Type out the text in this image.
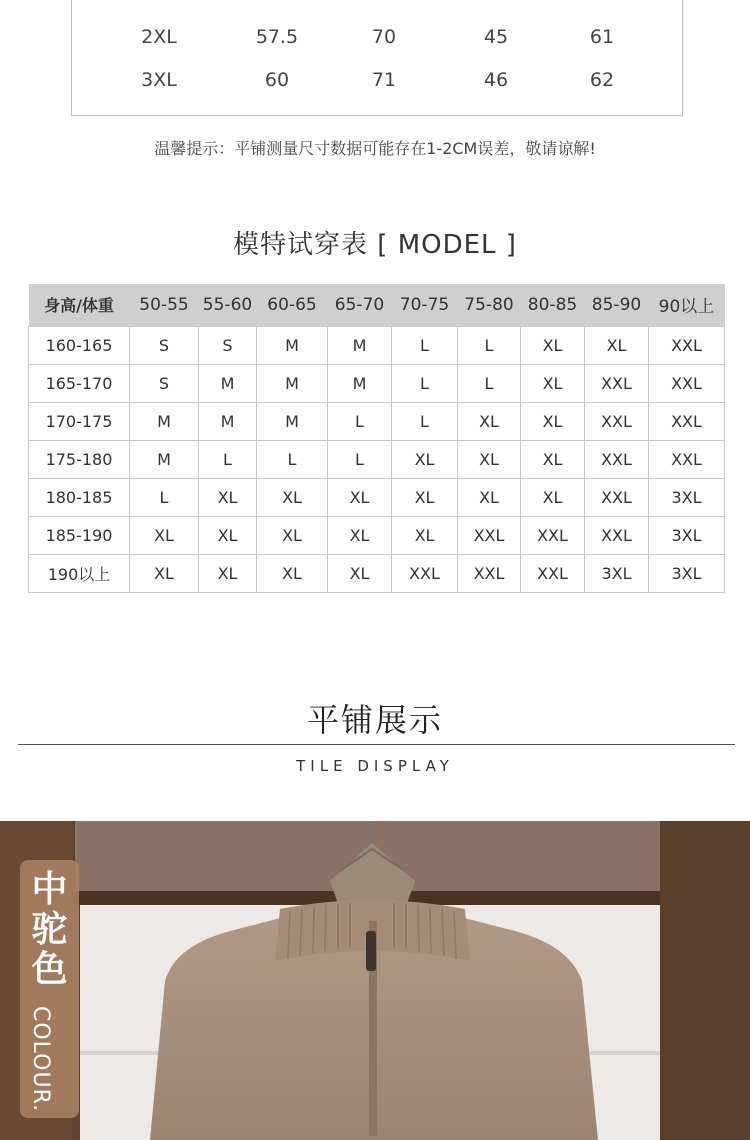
2XL	57.5	70	45	61
3XL	60	71	46	62
温馨提示：平铺测量尺寸数据可能存在1-2CM误差，敬请谅解!
模特试穿表 [ MODEL ]
身高/体重	50-55	55-60	60-65	65-70	70-75	75-80	80-85	85-90	90以上
160-165	S	S	M	M	L	L	XL	XL	XXL
165-170	S	M	M	M	L	L	XL	XXL	XXL
170-175	M	M	M	L	L	XL	XL	XXL	XXL
175-180	M	L	L	L	XL	XL	XL	XXL	XXL
180-185	L	XL	XL	XL	XL	XL	XL	XXL	3XL
185-190	XL	XL	XL	XL	XL	XXL	XXL	XXL	3XL
190以上	XL	XL	XL	XL	XXL	XXL	XXL	3XL	3XL
平铺展示
TILE DISPLAY
中驼色
COLOUR.
